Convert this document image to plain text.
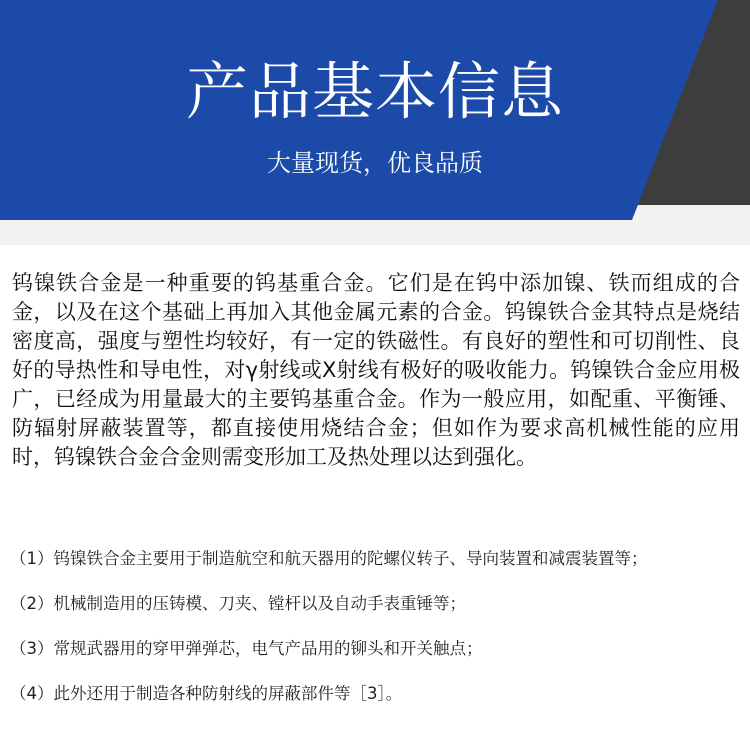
产品基本信息
大量现货，优良品质

钨镍铁合金是一种重要的钨基重合金。它们是在钨中添加镍、铁而组成的合金，以及在这个基础上再加入其他金属元素的合金。钨镍铁合金其特点是烧结密度高，强度与塑性均较好，有一定的铁磁性。有良好的塑性和可切削性、良好的导热性和导电性，对γ射线或X射线有极好的吸收能力。钨镍铁合金应用极广，已经成为用量最大的主要钨基重合金。作为一般应用，如配重、平衡锤、防辐射屏蔽装置等，都直接使用烧结合金；但如作为要求高机械性能的应用时，钨镍铁合金合金则需变形加工及热处理以达到强化。

（1）钨镍铁合金主要用于制造航空和航天器用的陀螺仪转子、导向装置和减震装置等；
（2）机械制造用的压铸模、刀夹、镗杆以及自动手表重锤等；
（3）常规武器用的穿甲弹弹芯，电气产品用的铆头和开关触点；
（4）此外还用于制造各种防射线的屏蔽部件等［3］。
